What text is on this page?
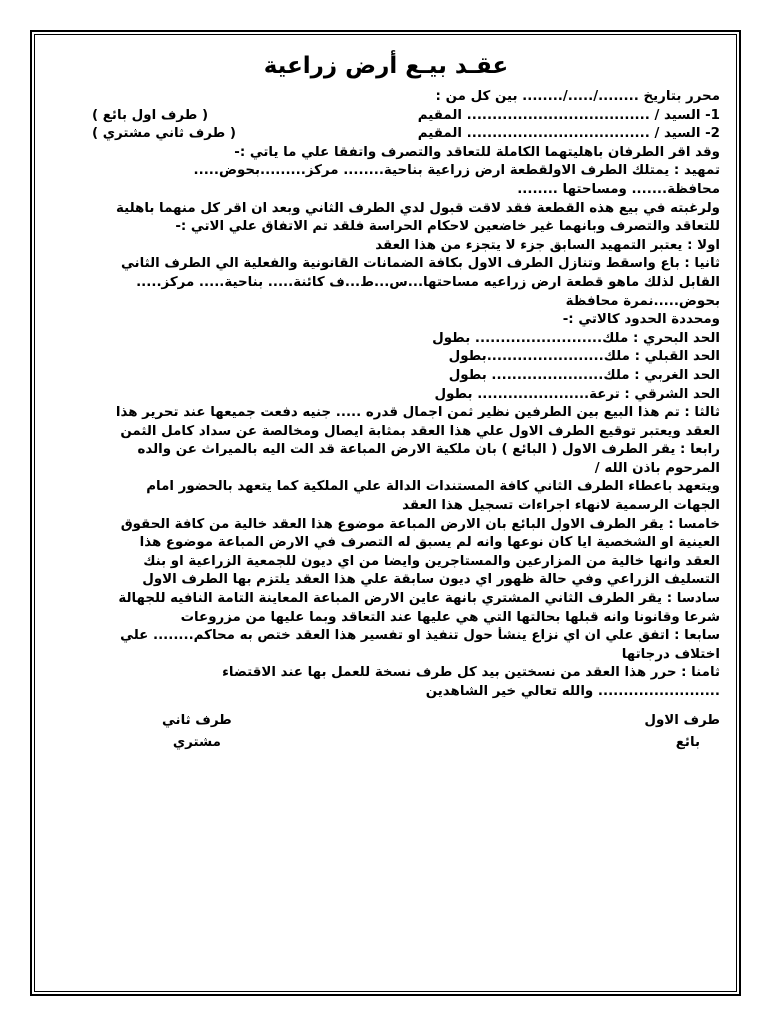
عقـد بيـع أرض زراعية
محرر بتاريخ ......../...../........ بين كل من :
1- السيد / .................................... المقيم
( طرف اول بائع )
2- السيد / .................................... المقيم
( طرف ثاني مشتري )
وقد اقر الطرفان باهليتهما الكاملة للتعاقد والتصرف واتفقا علي ما ياتي :-
تمهيد : يمتلك الطرف الاولقطعة ارض زراعية بناحية........ مركز.........بحوض.....
محافظة....... ومساحتها ........
ولرغبته في بيع هذه القطعة فقد لاقت قبول لدي الطرف الثاني وبعد ان اقر كل منهما باهلية
للتعاقد والتصرف وبانهما غير خاضعين لاحكام الحراسة فلقد تم الاتفاق علي الاتي :-
اولا : يعتبر التمهيد السابق جزء لا يتجزء من هذا العقد
ثانيا : باع واسقط وتنازل الطرف الاول بكافة الضمانات القانونية والفعلية الي الطرف الثاني
القابل لذلك ماهو قطعة ارض زراعيه مساحتها...س...ط...ف كائنة..... بناحية..... مركز.....
بحوض.....نمرة محافظة
ومحددة الحدود كالاتي :-
الحد البحري : ملك......................... بطول
الحد القبلي : ملك.......................بطول
الحد الغربي : ملك...................... بطول
الحد الشرقي : ترعة...................... بطول
ثالثا : تم هذا البيع بين الطرفين نظير ثمن اجمال قدره ..... جنيه دفعت جميعها عند تحرير هذا
العقد ويعتبر توقيع الطرف الاول علي هذا العقد بمثابة ايصال ومخالصة عن سداد كامل الثمن
رابعا : يقر الطرف الاول ( البائع ) بان ملكية الارض المباعة قد الت اليه بالميراث عن والده
المرحوم باذن الله /
ويتعهد باعطاء الطرف الثاني كافة المستندات الدالة علي الملكية كما يتعهد بالحضور امام
الجهات الرسمية لانهاء اجراءات تسجيل هذا العقد
خامسا : يقر الطرف الاول البائع بان الارض المباعة موضوع هذا العقد خالية من كافة الحقوق
العينية او الشخصية ايا كان نوعها وانه لم يسبق له التصرف في الارض المباعة موضوع هذا
العقد وانها خالية من المزارعين والمستاجرين وايضا من اي ديون للجمعية الزراعية او بنك
التسليف الزراعي وفي حالة ظهور اي ديون سابقة علي هذا العقد يلتزم بها الطرف الاول
سادسا : يقر الطرف الثاني المشتري بانهة عاين الارض المباعة المعاينة التامة النافيه للجهالة
شرعا وقانونا وانه قبلها بحالتها التي هي عليها عند التعاقد وبما عليها من مزروعات
سابعا : اتفق علي ان اي نزاع ينشأ حول تنفيذ او تفسير هذا العقد ختص به محاكم........ علي
اختلاف درجاتها
ثامنا : حرر هذا العقد من نسختين بيد كل طرف نسخة للعمل بها عند الاقتضاء
........................ والله تعالي خير الشاهدين
طرف الاول
بائع
طرف ثاني
مشتري
